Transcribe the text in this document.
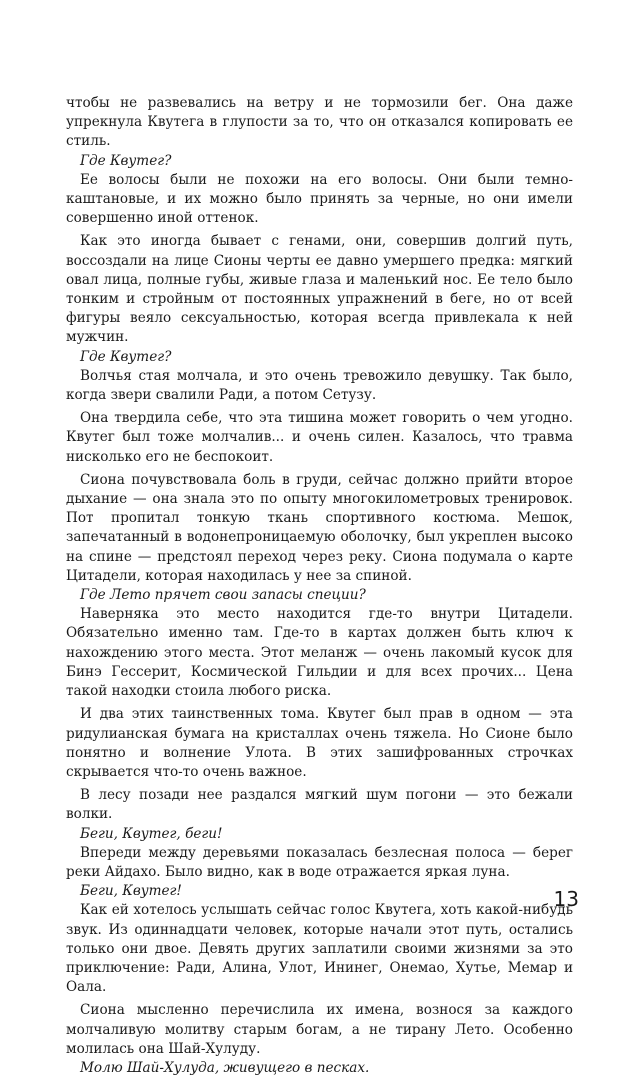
чтобы не развевались на ветру и не тормозили бег. Она даже упрекнула Квутега в глупости за то, что он отказался копировать ее стиль.

Где Квутег?

Ее волосы были не похожи на его волосы. Они были темно-каштановые, и их можно было принять за черные, но они имели совершенно иной оттенок.

Как это иногда бывает с генами, они, совершив долгий путь, воссоздали на лице Сионы черты ее давно умершего предка: мягкий овал лица, полные губы, живые глаза и маленький нос. Ее тело было тонким и стройным от постоянных упражнений в беге, но от всей фигуры веяло сексуальностью, которая всегда привлекала к ней мужчин.

Где Квутег?

Волчья стая молчала, и это очень тревожило девушку. Так было, когда звери свалили Ради, а потом Сетузу.

Она твердила себе, что эта тишина может говорить о чем угодно. Квутег был тоже молчалив... и очень силен. Казалось, что травма нисколько его не беспокоит.

Сиона почувствовала боль в груди, сейчас должно прийти второе дыхание — она знала это по опыту многокилометровых тренировок. Пот пропитал тонкую ткань спортивного костюма. Мешок, запечатанный в водонепроницаемую оболочку, был укреплен высоко на спине — предстоял переход через реку. Сиона подумала о карте Цитадели, которая находилась у нее за спиной.

Где Лето прячет свои запасы специи?

Наверняка это место находится где-то внутри Цитадели. Обязательно именно там. Где-то в картах должен быть ключ к нахождению этого места. Этот меланж — очень лакомый кусок для Бинэ Гессерит, Космической Гильдии и для всех прочих... Цена такой находки стоила любого риска.

И два этих таинственных тома. Квутег был прав в одном — эта ридулианская бумага на кристаллах очень тяжела. Но Сионе было понятно и волнение Улота. В этих зашифрованных строчках скрывается что-то очень важное.

В лесу позади нее раздался мягкий шум погони — это бежали волки.

Беги, Квутег, беги!

Впереди между деревьями показалась безлесная полоса — берег реки Айдахо. Было видно, как в воде отражается яркая луна.

Беги, Квутег!

Как ей хотелось услышать сейчас голос Квутега, хоть какой-нибудь звук. Из одиннадцати человек, которые начали этот путь, остались только они двое. Девять других заплатили своими жизнями за это приключение: Ради, Алина, Улот, Ининег, Онемао, Хутье, Мемар и Оала.

Сиона мысленно перечислила их имена, вознося за каждого молчаливую молитву старым богам, а не тирану Лето. Особенно молилась она Шай-Хулуду.

Молю Шай-Хулуда, живущего в песках.

13
